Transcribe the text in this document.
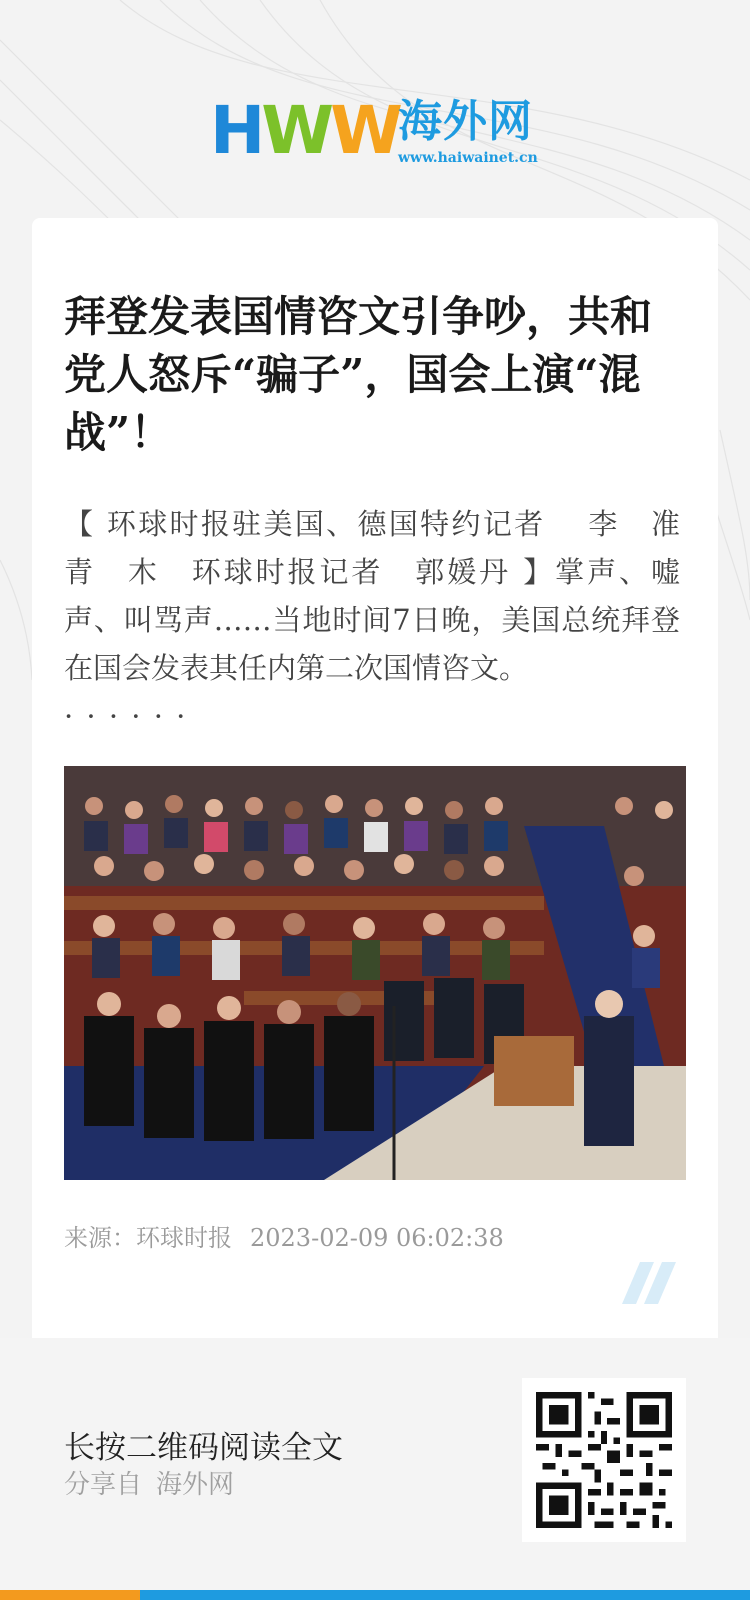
HWW 海外网
www.haiwainet.cn
拜登发表国情咨文引争吵，共和党人怒斥“骗子”，国会上演“混战”！
【 环球时报驻美国、德国特约记者　 李　准　青　木　环球时报记者　郭媛丹 】掌声、嘘声、叫骂声……当地时间7日晚，美国总统拜登在国会发表其任内第二次国情咨文。
· · · · · ·
来源：环球时报 2023-02-09 06:02:38
长按二维码阅读全文
分享自 海外网
